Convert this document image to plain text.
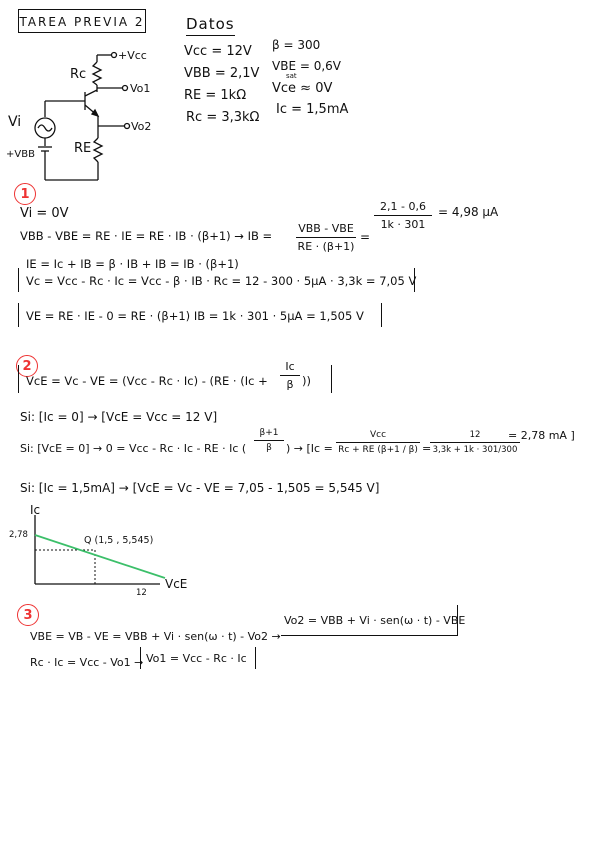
TAREA PREVIA 2	Datos
Vcc = 12V
VBB = 2,1V
RE = 1kΩ
Rc = 3,3kΩ
β = 300
VBE = 0,6V
sat
Vce ≈ 0V
Ic = 1,5mA
+Vcc
Rc
Vo1
Vo2
Vi
RE
+VBB
1
Vi = 0V
VBB - VBE = RE · IE = RE · IB · (β+1) → IB =
VBB - VBE
RE · (β+1)
=
$\frac{2,1 - 0,6}{1k \cdot 301} = 4,98$ μA
IE = Ic + IB = β · IB + IB = IB · (β+1)
Vc = Vcc - Rc · Ic = Vcc - β · IB · Rc = 12 - 300 · 5μA · 3,3k = 7,05 V
VE = RE · IE - 0 = RE · (β+1) IB = 1k · 301 · 5μA = 1,505 V
2
VcE = Vc - VE = $(Vcc - Rc \cdot Ic) - (RE \cdot (Ic + \frac{Ic}{\beta}$ ))
Si: [Ic = 0] → [VcE = Vcc = 12 V]
Si: [VcE = 0] → 0 = Vcc - Rc · Ic - RE · Ic ( $\frac{\beta+1}{\beta}$ ) → [Ic =
Vcc
Rc + RE (β+1 / β) =
$\frac{12}{3,3k + 1k \cdot 301/300}$
= 2,78 mA ]
Si: [Ic = 1,5mA] → [VcE = Vc - VE = 7,05 - 1,505 = 5,545 V]
Ic
VcE
2,78
12
Q (1,5 , 5,545)
3
VBE = VB - VE = VBB + Vi · sen(ω · t) - Vo2 →
Vo2 = VBB + Vi · sen(ω · t) - VBE
Rc · Ic = Vcc - Vo1 → Vo1 = Vcc - Rc · Ic
